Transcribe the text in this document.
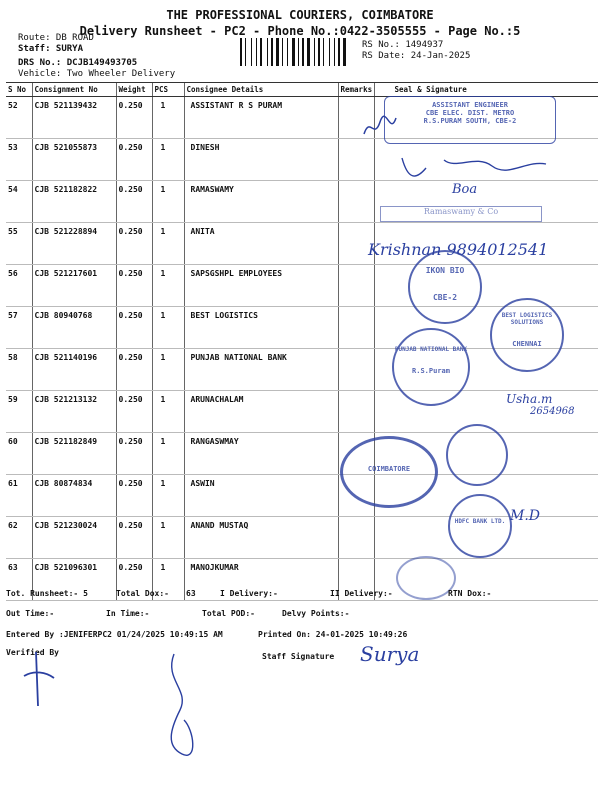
THE PROFESSIONAL COURIERS, COIMBATORE
Delivery Runsheet - PC2 - Phone No.:0422-3505555 - Page No.:5
Route: DB ROAD
Staff: SURYA
DRS No.: DCJB149493705
Vehicle: Two Wheeler Delivery
RS No.: 1494937
RS Date: 24-Jan-2025
S No	Consignment No	Weight	PCS	Consignee Details	Remarks	Seal & Signature
52	CJB 521139432	0.250	1	ASSISTANT R S PURAM		
53	CJB 521055873	0.250	1	DINESH		
54	CJB 521182822	0.250	1	RAMASWAMY		
55	CJB 521228894	0.250	1	ANITA		
56	CJB 521217601	0.250	1	SAPSGSHPL EMPLOYEES		
57	CJB 80940768	0.250	1	BEST LOGISTICS		
58	CJB 521140196	0.250	1	PUNJAB NATIONAL BANK		
59	CJB 521213132	0.250	1	ARUNACHALAM		
60	CJB 521182849	0.250	1	RANGASWMAY		
61	CJB 80874834	0.250	1	ASWIN		
62	CJB 521230024	0.250	1	ANAND MUSTAQ		
63	CJB 521096301	0.250	1	MANOJKUMAR		
ASSISTANT ENGINEER
CBE ELEC. DIST. METRO
R.S.PURAM SOUTH, CBE-2
Boa
Ramaswamy & Co
Krishnan 9894012541
IKON BIO
CBE-2
BEST LOGISTICS SOLUTIONS
CHENNAI
PUNJAB NATIONAL BANK
R.S.Puram
Usha.m
2654968
COIMBATORE
HDFC BANK LTD. M.D
Tot. Runsheet:- 5	Total Dox:- 63	I Delivery:-	II Delivery:-	RTN Dox:-
Out Time:-	In Time:-	Total POD:-	Delvy Points:-
Entered By :JENIFERPC2 01/24/2025 10:49:15 AM	Printed On: 24-01-2025 10:49:26
Verified By	Staff Signature Surya
